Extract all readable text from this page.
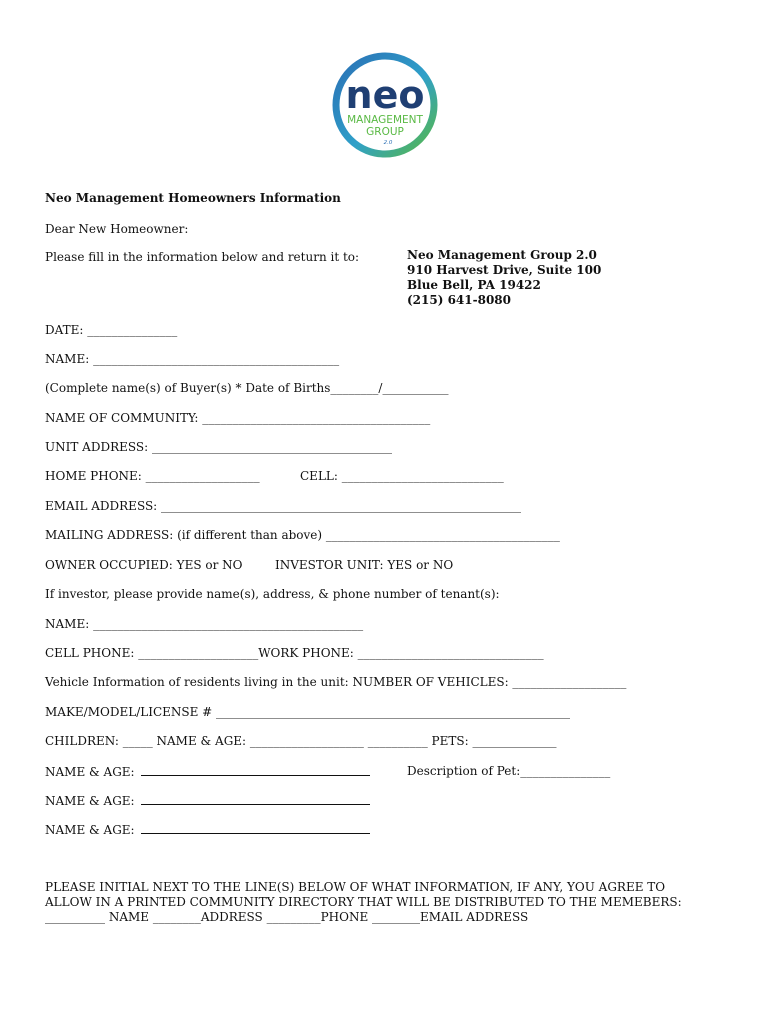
neo
MANAGEMENT
GROUP
2.0
Neo Management Homeowners Information
Dear New Homeowner:
Please fill in the information below and return it to:	Neo Management Group 2.0
910 Harvest Drive, Suite 100
Blue Bell, PA 19422
(215) 641-8080
DATE: _______________
NAME: _________________________________________
(Complete name(s) of Buyer(s) * Date of Births________/___________
NAME OF COMMUNITY: ______________________________________
UNIT ADDRESS: ________________________________________
HOME PHONE: ___________________	CELL: ___________________________
EMAIL ADDRESS: ____________________________________________________________
MAILING ADDRESS: (if different than above) _______________________________________
OWNER OCCUPIED: YES or NO	INVESTOR UNIT: YES or NO
If investor, please provide name(s), address, & phone number of tenant(s):
NAME: _____________________________________________
CELL PHONE: ____________________WORK PHONE: _______________________________
Vehicle Information of residents living in the unit: NUMBER OF VEHICLES: ___________________
MAKE/MODEL/LICENSE # ___________________________________________________________
CHILDREN: _____ NAME & AGE: ___________________ __________ PETS: ______________
NAME & AGE:	Description of Pet:_______________
NAME & AGE:
NAME & AGE:
PLEASE INITIAL NEXT TO THE LINE(S) BELOW OF WHAT INFORMATION, IF ANY, YOU AGREE TO
ALLOW IN A PRINTED COMMUNITY DIRECTORY THAT WILL BE DISTRIBUTED TO THE MEMEBERS:
__________ NAME ________ADDRESS _________PHONE ________EMAIL ADDRESS
